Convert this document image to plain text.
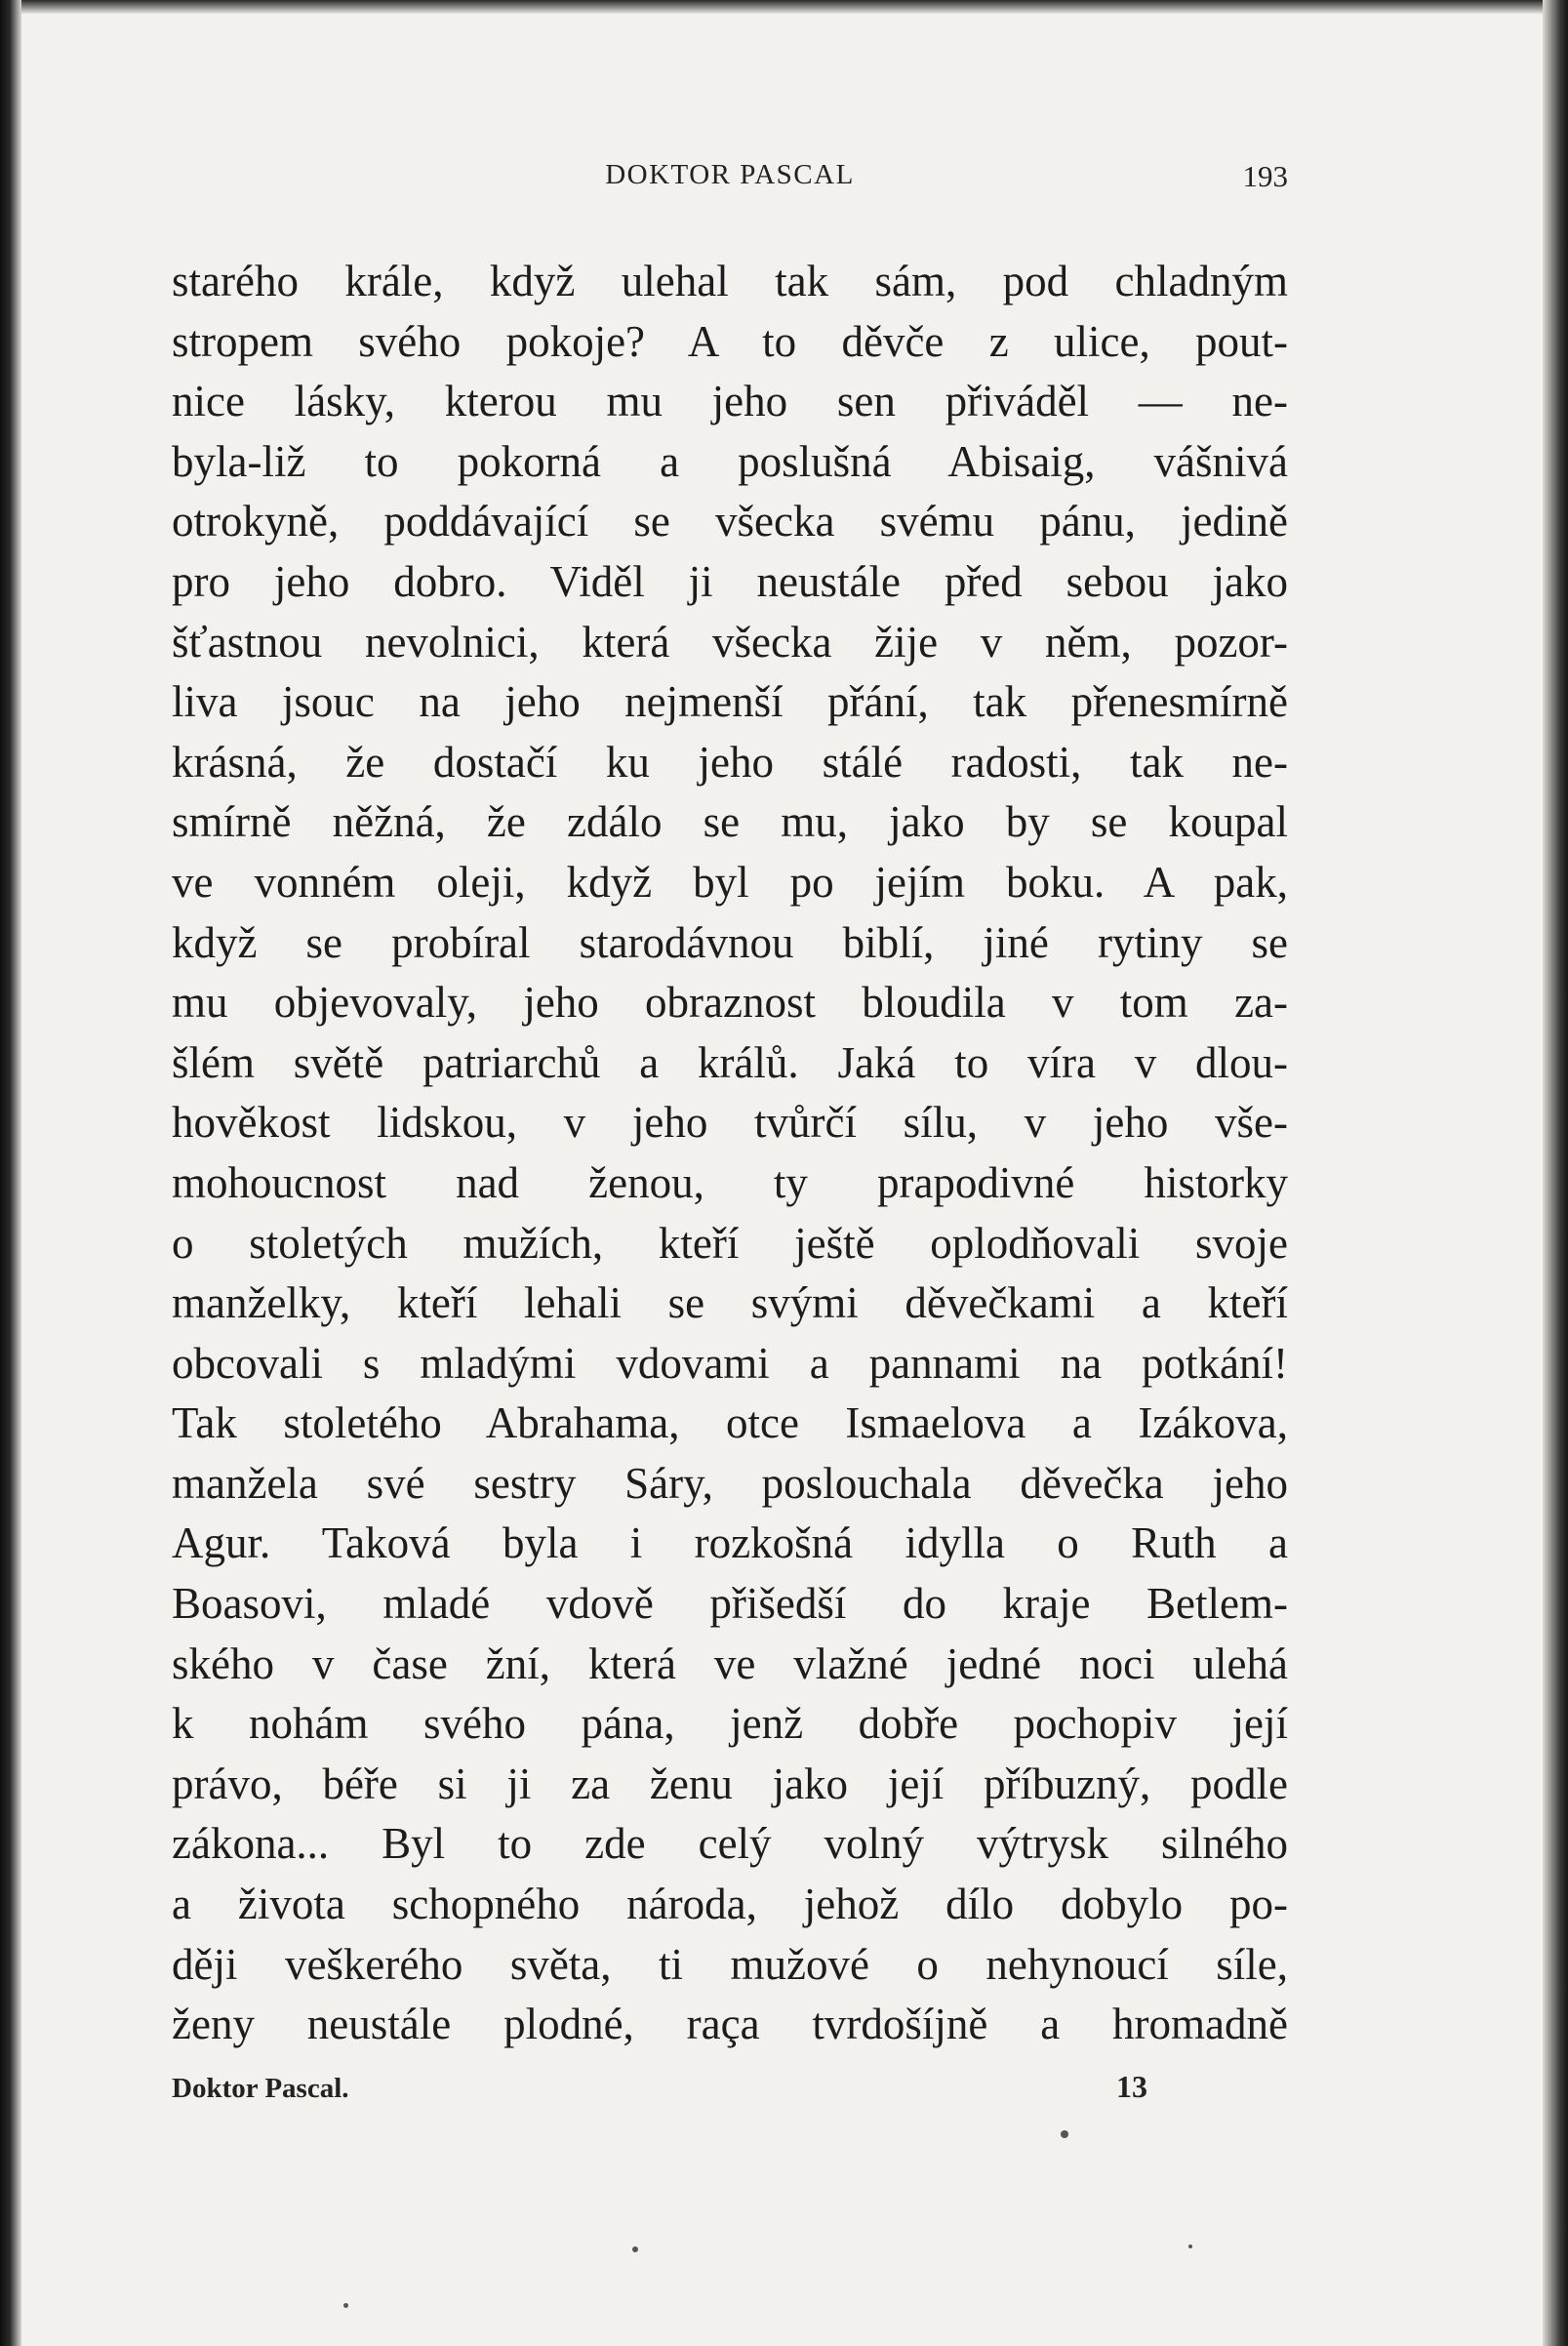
DOKTOR PASCAL	193
starého krále, když ulehal tak sám, pod chladným
stropem svého pokoje? A to děvče z ulice, pout-
nice lásky, kterou mu jeho sen přiváděl — ne-
byla-liž to pokorná a poslušná Abisaig, vášnivá
otrokyně, poddávající se všecka svému pánu, jedině
pro jeho dobro. Viděl ji neustále před sebou jako
šťastnou nevolnici, která všecka žije v něm, pozor-
liva jsouc na jeho nejmenší přání, tak přenesmírně
krásná, že dostačí ku jeho stálé radosti, tak ne-
smírně něžná, že zdálo se mu, jako by se koupal
ve vonném oleji, když byl po jejím boku. A pak,
když se probíral starodávnou biblí, jiné rytiny se
mu objevovaly, jeho obraznost bloudila v tom za-
šlém světě patriarchů a králů. Jaká to víra v dlou-
hověkost lidskou, v jeho tvůrčí sílu, v jeho vše-
mohoucnost nad ženou, ty prapodivné historky
o stoletých mužích, kteří ještě oplodňovali svoje
manželky, kteří lehali se svými děvečkami a kteří
obcovali s mladými vdovami a pannami na potkání!
Tak stoletého Abrahama, otce Ismaelova a Izákova,
manžela své sestry Sáry, poslouchala děvečka jeho
Agur. Taková byla i rozkošná idylla o Ruth a
Boasovi, mladé vdově přišedší do kraje Betlem-
ského v čase žní, která ve vlažné jedné noci ulehá
k nohám svého pána, jenž dobře pochopiv její
právo, béře si ji za ženu jako její příbuzný, podle
zákona... Byl to zde celý volný výtrysk silného
a života schopného národa, jehož dílo dobylo po-
ději veškerého světa, ti mužové o nehynoucí síle,
ženy neustále plodné, raça tvrdošíjně a hromadně
Doktor Pascal.	13
